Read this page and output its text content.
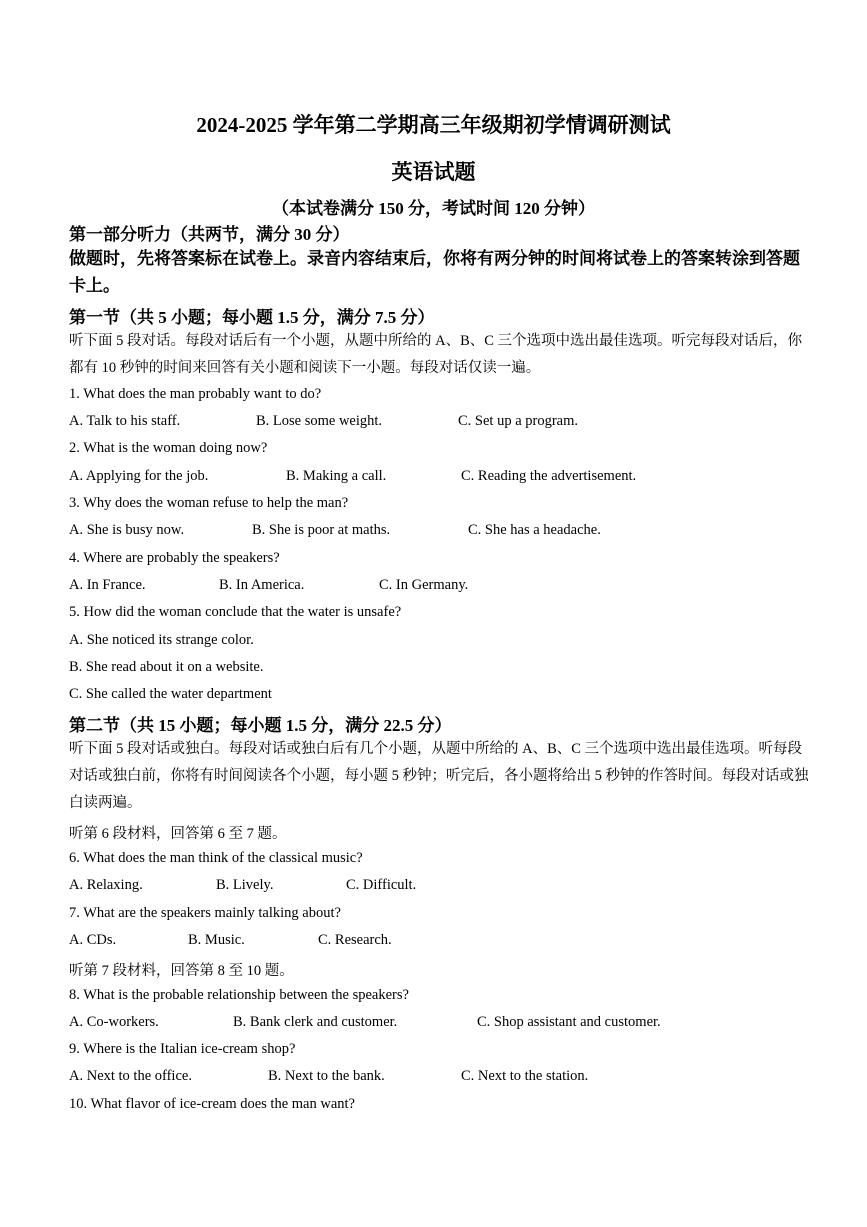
2024-2025 学年第二学期高三年级期初学情调研测试
英语试题
（本试卷满分 150 分，考试时间 120 分钟）
第一部分听力（共两节，满分 30 分）
做题时，先将答案标在试卷上。录音内容结束后，你将有两分钟的时间将试卷上的答案转涂到答题卡上。
第一节（共 5 小题；每小题 1.5 分，满分 7.5 分）
听下面 5 段对话。每段对话后有一个小题，从题中所给的 A、B、C 三个选项中选出最佳选项。听完每段对话后，你都有 10 秒钟的时间来回答有关小题和阅读下一小题。每段对话仅读一遍。
1. What does the man probably want to do?
A. Talk to his staff.	B. Lose some weight.	C. Set up a program.
2. What is the woman doing now?
A. Applying for the job.	B. Making a call.	C. Reading the advertisement.
3. Why does the woman refuse to help the man?
A. She is busy now.	B. She is poor at maths.	C. She has a headache.
4. Where are probably the speakers?
A. In France.	B. In America.	C. In Germany.
5. How did the woman conclude that the water is unsafe?
A. She noticed its strange color.
B. She read about it on a website.
C. She called the water department
第二节（共 15 小题；每小题 1.5 分，满分 22.5 分）
听下面 5 段对话或独白。每段对话或独白后有几个小题，从题中所给的 A、B、C 三个选项中选出最佳选项。听每段对话或独白前，你将有时间阅读各个小题，每小题 5 秒钟；听完后，各小题将给出 5 秒钟的作答时间。每段对话或独白读两遍。
听第 6 段材料，回答第 6 至 7 题。
6. What does the man think of the classical music?
A. Relaxing.	B. Lively.	C. Difficult.
7. What are the speakers mainly talking about?
A. CDs.	B. Music.	C. Research.
听第 7 段材料，回答第 8 至 10 题。
8. What is the probable relationship between the speakers?
A. Co-workers.	B. Bank clerk and customer.	C. Shop assistant and customer.
9. Where is the Italian ice-cream shop?
A. Next to the office.	B. Next to the bank.	C. Next to the station.
10. What flavor of ice-cream does the man want?
